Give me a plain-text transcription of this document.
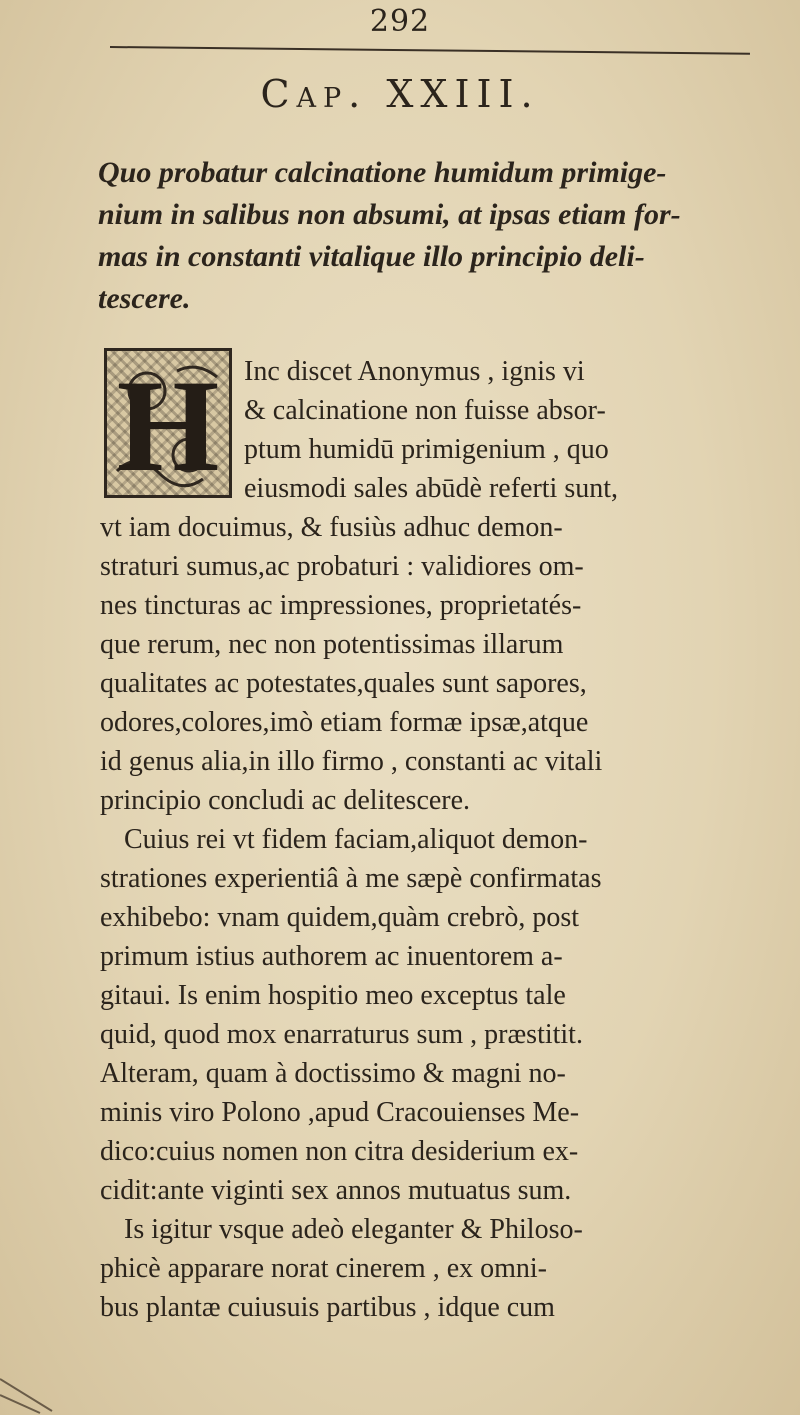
292
Cap. XXIII.
Quo probatur calcinatione humidum primige-
nium in salibus non absumi, at ipsas etiam for-
mas in constanti vitalique illo principio deli-
tescere.
H Inc discet Anonymus , ignis vi
& calcinatione non fuisse absor-
ptum humidū primigenium , quo
eiusmodi sales abūdè referti sunt,
vt iam docuimus, & fusiùs adhuc demon-
straturi sumus,ac probaturi : validiores om-
nes tincturas ac impressiones, proprietatés-
que rerum, nec non potentissimas illarum
qualitates ac potestates,quales sunt sapores,
odores,colores,imò etiam formæ ipsæ,atque
id genus alia,in illo firmo , constanti ac vitali
principio concludi ac delitescere.
Cuius rei vt fidem faciam,aliquot demon-
strationes experientiâ à me sæpè confirmatas
exhibebo: vnam quidem,quàm crebrò, post
primum istius authorem ac inuentorem a-
gitaui. Is enim hospitio meo exceptus tale
quid, quod mox enarraturus sum , præstitit.
Alteram, quam à doctissimo & magni no-
minis viro Polono ,apud Cracouienses Me-
dico:cuius nomen non citra desiderium ex-
cidit:ante viginti sex annos mutuatus sum.
Is igitur vsque adeò eleganter & Philoso-
phicè apparare norat cinerem , ex omni-
bus plantæ cuiusuis partibus , idque cum
